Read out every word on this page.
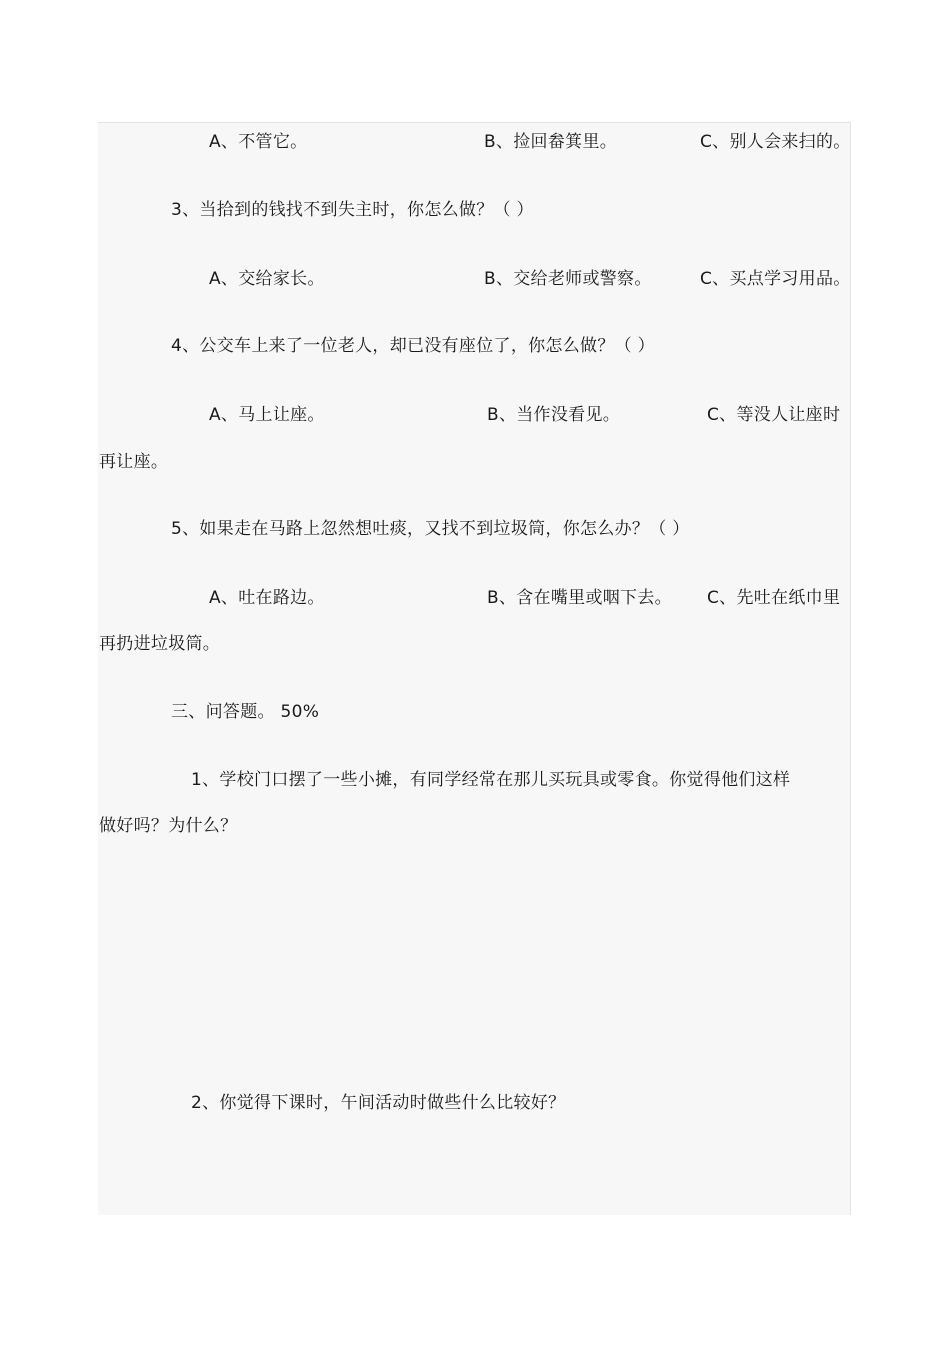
A、不管它。	B、捡回畚箕里。	C、别人会来扫的。
3、当拾到的钱找不到失主时，你怎么做？（ ）
A、交给家长。	B、交给老师或警察。	C、买点学习用品。
4、公交车上来了一位老人，却已没有座位了，你怎么做？（ ）
A、马上让座。	B、当作没看见。	C、等没人让座时
再让座。
5、如果走在马路上忽然想吐痰，又找不到垃圾筒，你怎么办？（ ）
A、吐在路边。	B、含在嘴里或咽下去。 C、先吐在纸巾里
再扔进垃圾筒。
三、问答题。 50%
1、学校门口摆了一些小摊，有同学经常在那儿买玩具或零食。你觉得他们这样
做好吗？为什么？
2、你觉得下课时，午间活动时做些什么比较好？
